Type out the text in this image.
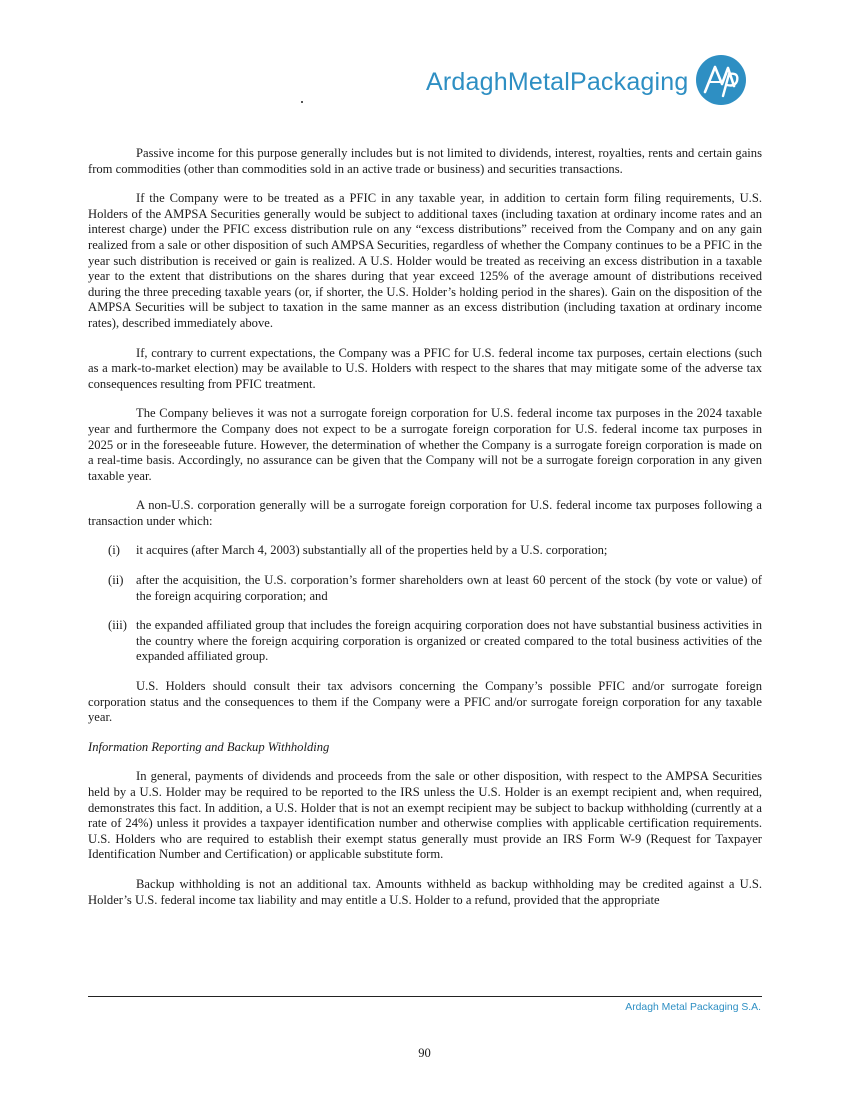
ArdaghMetalPackaging

Passive income for this purpose generally includes but is not limited to dividends, interest, royalties, rents and certain gains from commodities (other than commodities sold in an active trade or business) and securities transactions.

If the Company were to be treated as a PFIC in any taxable year, in addition to certain form filing requirements, U.S. Holders of the AMPSA Securities generally would be subject to additional taxes (including taxation at ordinary income rates and an interest charge) under the PFIC excess distribution rule on any “excess distributions” received from the Company and on any gain realized from a sale or other disposition of such AMPSA Securities, regardless of whether the Company continues to be a PFIC in the year such distribution is received or gain is realized. A U.S. Holder would be treated as receiving an excess distribution in a taxable year to the extent that distributions on the shares during that year exceed 125% of the average amount of distributions received during the three preceding taxable years (or, if shorter, the U.S. Holder’s holding period in the shares). Gain on the disposition of the AMPSA Securities will be subject to taxation in the same manner as an excess distribution (including taxation at ordinary income rates), described immediately above.

If, contrary to current expectations, the Company was a PFIC for U.S. federal income tax purposes, certain elections (such as a mark-to-market election) may be available to U.S. Holders with respect to the shares that may mitigate some of the adverse tax consequences resulting from PFIC treatment.

The Company believes it was not a surrogate foreign corporation for U.S. federal income tax purposes in the 2024 taxable year and furthermore the Company does not expect to be a surrogate foreign corporation for U.S. federal income tax purposes in 2025 or in the foreseeable future. However, the determination of whether the Company is a surrogate foreign corporation is made on a real-time basis. Accordingly, no assurance can be given that the Company will not be a surrogate foreign corporation in any given taxable year.

A non-U.S. corporation generally will be a surrogate foreign corporation for U.S. federal income tax purposes following a transaction under which:

(i)	it acquires (after March 4, 2003) substantially all of the properties held by a U.S. corporation;
(ii)	after the acquisition, the U.S. corporation’s former shareholders own at least 60 percent of the stock (by vote or value) of the foreign acquiring corporation; and
(iii) the expanded affiliated group that includes the foreign acquiring corporation does not have substantial business activities in the country where the foreign acquiring corporation is organized or created compared to the total business activities of the expanded affiliated group.

U.S. Holders should consult their tax advisors concerning the Company’s possible PFIC and/or surrogate foreign corporation status and the consequences to them if the Company were a PFIC and/or surrogate foreign corporation for any taxable year.

Information Reporting and Backup Withholding

In general, payments of dividends and proceeds from the sale or other disposition, with respect to the AMPSA Securities held by a U.S. Holder may be required to be reported to the IRS unless the U.S. Holder is an exempt recipient and, when required, demonstrates this fact. In addition, a U.S. Holder that is not an exempt recipient may be subject to backup withholding (currently at a rate of 24%) unless it provides a taxpayer identification number and otherwise complies with applicable certification requirements. U.S. Holders who are required to establish their exempt status generally must provide an IRS Form W-9 (Request for Taxpayer Identification Number and Certification) or applicable substitute form.

Backup withholding is not an additional tax. Amounts withheld as backup withholding may be credited against a U.S. Holder’s U.S. federal income tax liability and may entitle a U.S. Holder to a refund, provided that the appropriate

Ardagh Metal Packaging S.A.
90
